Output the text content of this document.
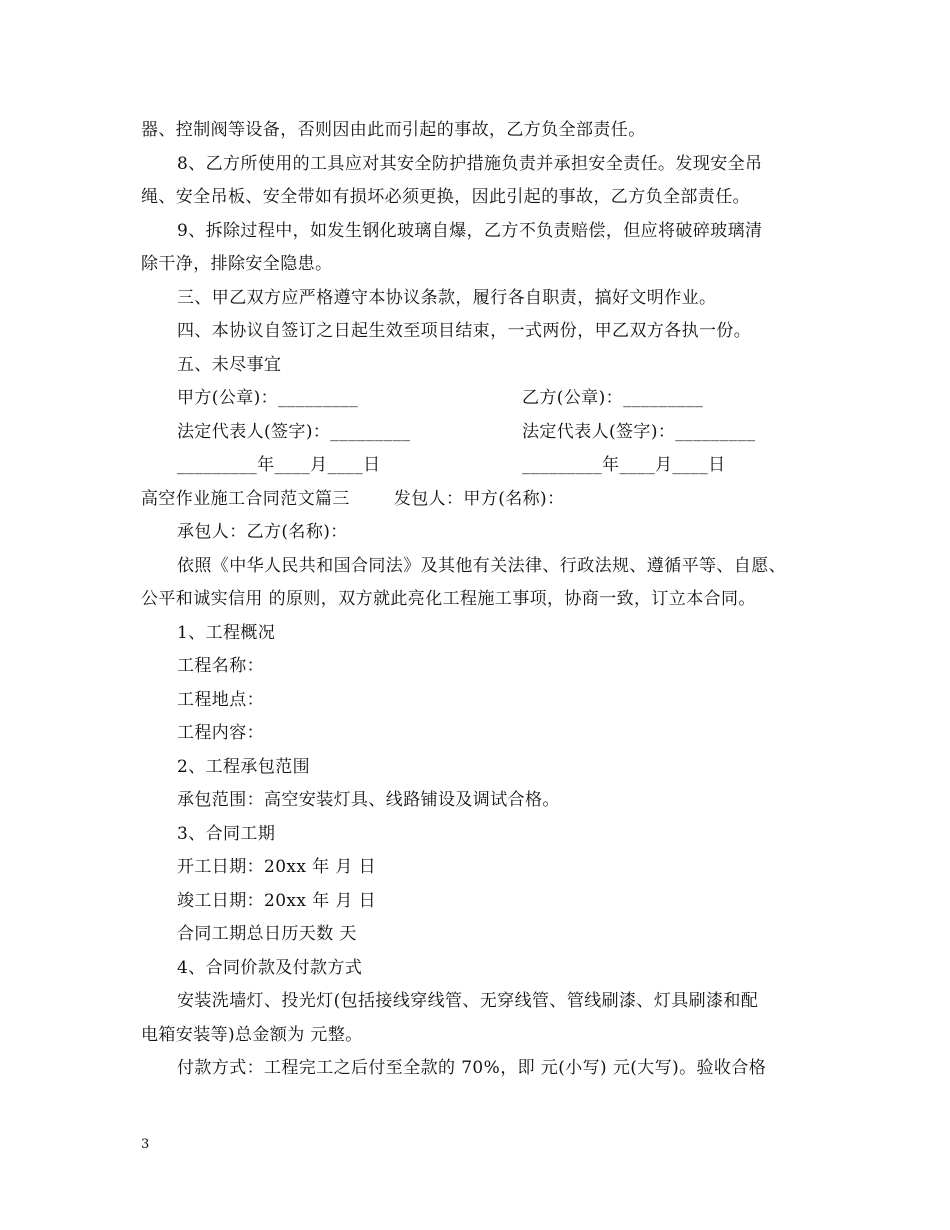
器、控制阀等设备，否则因由此而引起的事故，乙方负全部责任。
8、乙方所使用的工具应对其安全防护措施负责并承担安全责任。发现安全吊
绳、安全吊板、安全带如有损坏必须更换，因此引起的事故，乙方负全部责任。
9、拆除过程中，如发生钢化玻璃自爆，乙方不负责赔偿，但应将破碎玻璃清
除干净，排除安全隐患。
三、甲乙双方应严格遵守本协议条款，履行各自职责，搞好文明作业。
四、本协议自签订之日起生效至项目结束，一式两份，甲乙双方各执一份。
五、未尽事宜
甲方(公章)：_________	乙方(公章)：_________
法定代表人(签字)：_________	法定代表人(签字)：_________
_________年____月____日	_________年____月____日
高空作业施工合同范文篇三	发包人：甲方(名称)：
承包人：乙方(名称)：
依照《中华人民共和国合同法》及其他有关法律、行政法规、遵循平等、自愿、
公平和诚实信用 的原则，双方就此亮化工程施工事项，协商一致，订立本合同。
1、工程概况
工程名称：
工程地点：
工程内容：
2、工程承包范围
承包范围：高空安装灯具、线路铺设及调试合格。
3、合同工期
开工日期：20xx 年 月 日
竣工日期：20xx 年 月 日
合同工期总日历天数 天
4、合同价款及付款方式
安装洗墙灯、投光灯(包括接线穿线管、无穿线管、管线刷漆、灯具刷漆和配
电箱安装等)总金额为 元整。
付款方式：工程完工之后付至全款的 70%，即 元(小写) 元(大写)。验收合格
3
